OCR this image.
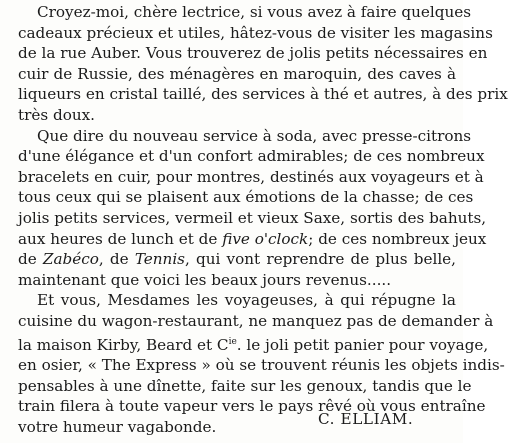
Croyez-moi, chère lectrice, si vous avez à faire quelques
cadeaux précieux et utiles, hâtez-vous de visiter les magasins
de la rue Auber. Vous trouverez de jolis petits nécessaires en
cuir de Russie, des ménagères en maroquin, des caves à
liqueurs en cristal taillé, des services à thé et autres, à des prix
très doux.

Que dire du nouveau service à soda, avec presse-citrons
d'une élégance et d'un confort admirables; de ces nombreux
bracelets en cuir, pour montres, destinés aux voyageurs et à
tous ceux qui se plaisent aux émotions de la chasse; de ces
jolis petits services, vermeil et vieux Saxe, sortis des bahuts,
aux heures de lunch et de five o'clock; de ces nombreux jeux
de Zabéco, de Tennis, qui vont reprendre de plus belle,
maintenant que voici les beaux jours revenus.....

Et vous, Mesdames les voyageuses, à qui répugne la
cuisine du wagon-restaurant, ne manquez pas de demander à
la maison Kirby, Beard et $C^{ie}$. le joli petit panier pour voyage,
en osier, « The Express » où se trouvent réunis les objets indis-
pensables à une dînette, faite sur les genoux, tandis que le
train filera à toute vapeur vers le pays rêvé où vous entraîne
votre humeur vagabonde.	C. ELLIAM.
